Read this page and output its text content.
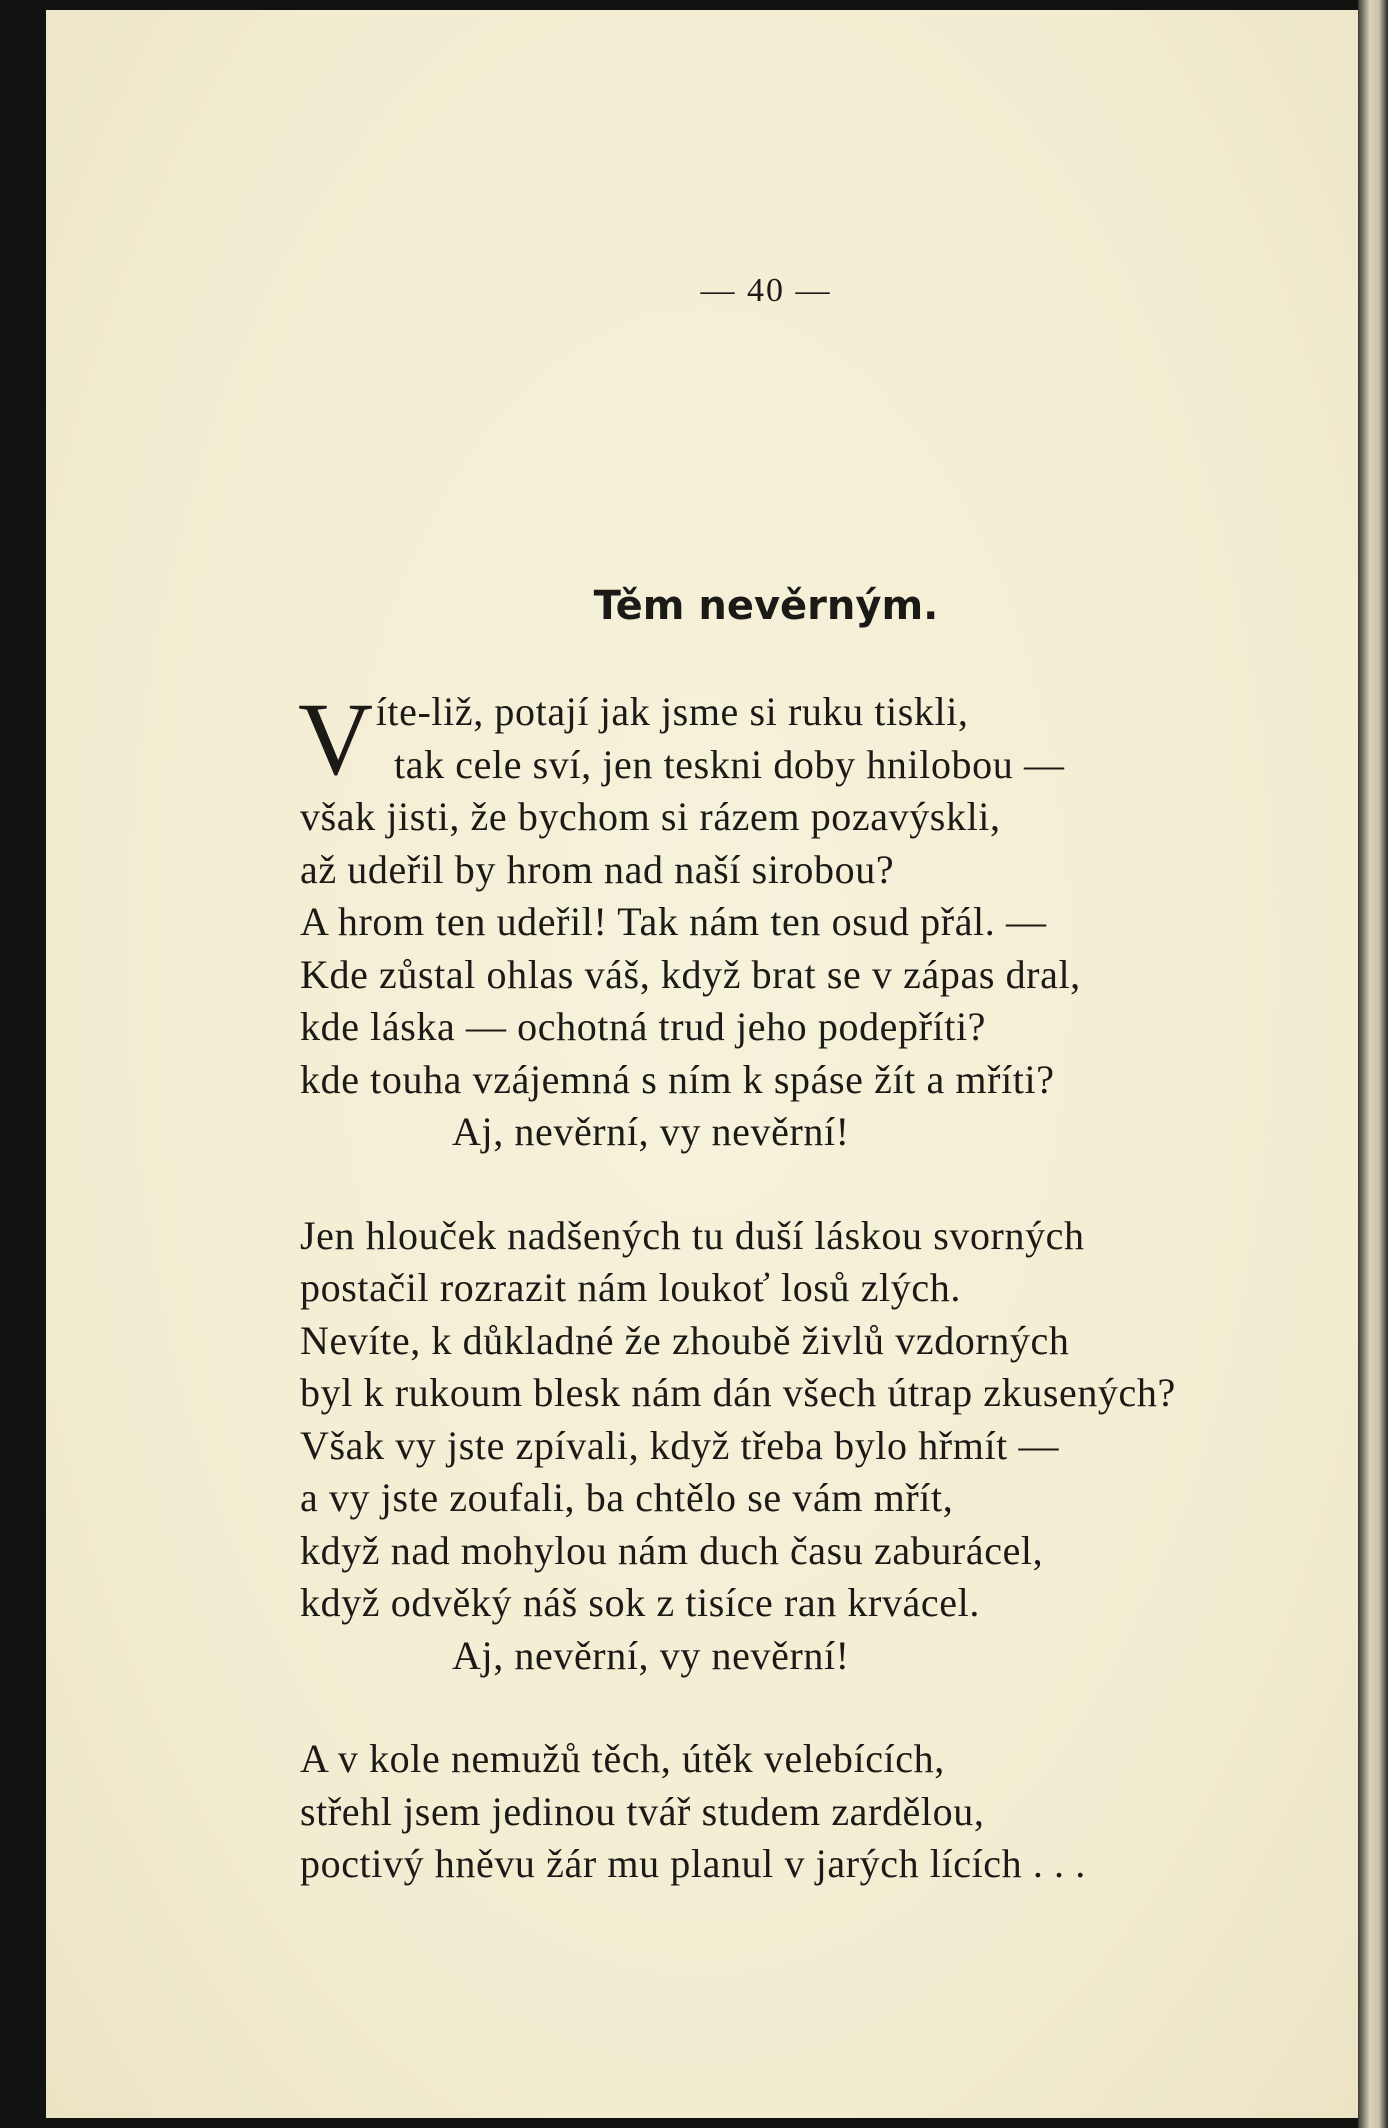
— 40 —
Těm nevěrným.
V íte-liž, potají jak jsme si ruku tiskli,
tak cele sví, jen teskni doby hnilobou —
však jisti, že bychom si rázem pozavýskli,
až udeřil by hrom nad naší sirobou?
A hrom ten udeřil! Tak nám ten osud přál. —
Kde zůstal ohlas váš, když brat se v zápas dral,
kde láska — ochotná trud jeho podepříti?
kde touha vzájemná s ním k spáse žít a mříti?
Aj, nevěrní, vy nevěrní!
Jen hlouček nadšených tu duší láskou svorných
postačil rozrazit nám loukoť losů zlých.
Nevíte, k důkladné že zhoubě živlů vzdorných
byl k rukoum blesk nám dán všech útrap zkusených?
Však vy jste zpívali, když třeba bylo hřmít —
a vy jste zoufali, ba chtělo se vám mřít,
když nad mohylou nám duch času zaburácel,
když odvěký náš sok z tisíce ran krvácel.
Aj, nevěrní, vy nevěrní!
A v kole nemužů těch, útěk velebících,
střehl jsem jedinou tvář studem zardělou,
poctivý hněvu žár mu planul v jarých lících . . .
